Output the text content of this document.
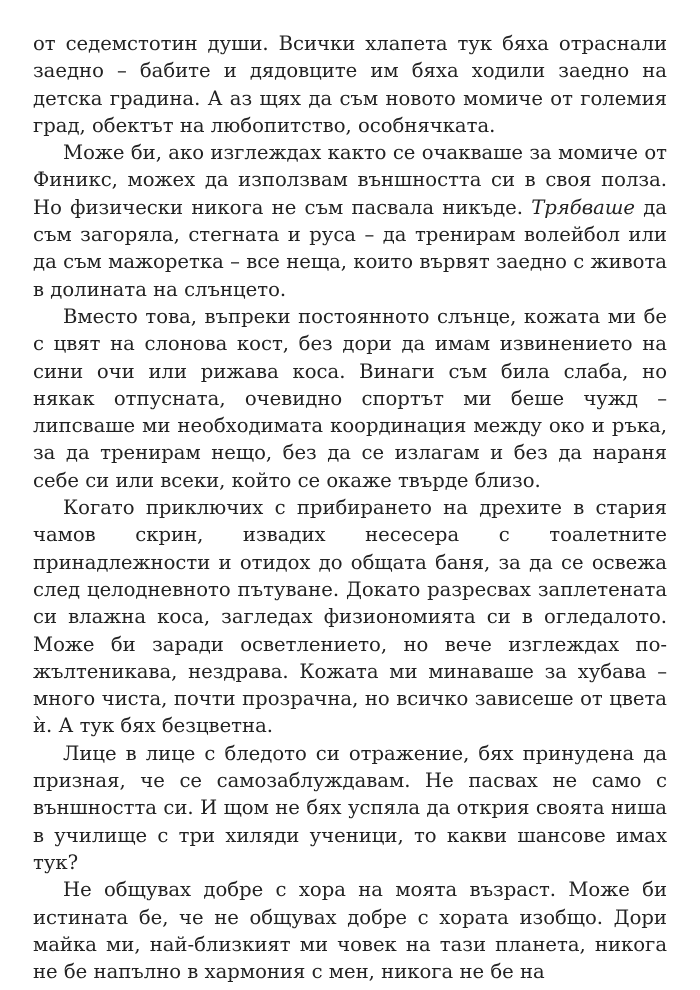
от седемстотин души. Всички хлапета тук бяха отраснали заедно – бабите и дядовците им бяха ходили заедно на детска градина. А аз щях да съм новото момиче от големия град, обектът на любопитство, особнячката.

Може би, ако изглеждах както се очакваше за момиче от Финикс, можех да използвам външността си в своя полза. Но физически никога не съм пасвала никъде. Трябваше да съм загоряла, стегната и руса – да тренирам волейбол или да съм мажоретка – все неща, които вървят заедно с живота в долината на слънцето.

Вместо това, въпреки постоянното слънце, кожата ми бе с цвят на слонова кост, без дори да имам извинението на сини очи или рижава коса. Винаги съм била слаба, но някак отпусната, очевидно спортът ми беше чужд – липсваше ми необходимата координация между око и ръка, за да тренирам нещо, без да се излагам и без да нараня себе си или всеки, който се окаже твърде близо.

Когато приключих с прибирането на дрехите в стария чамов скрин, извадих несесера с тоалетните принадлежности и отидох до общата баня, за да се освежа след целодневното пътуване. Докато разресвах заплетената си влажна коса, загледах физиономията си в огледалото. Може би заради осветлението, но вече изглеждах по-жълтеникава, нездрава. Кожата ми минаваше за хубава – много чиста, почти прозрачна, но всичко зависеше от цвета ѝ. А тук бях безцветна.

Лице в лице с бледото си отражение, бях принудена да призная, че се самозаблуждавам. Не пасвах не само с външността си. И щом не бях успяла да открия своята ниша в училище с три хиляди ученици, то какви шансове имах тук?

Не общувах добре с хора на моята възраст. Може би истината бе, че не общувах добре с хората изобщо. Дори майка ми, най-близкият ми човек на тази планета, никога не бе напълно в хармония с мен, никога не бе на
